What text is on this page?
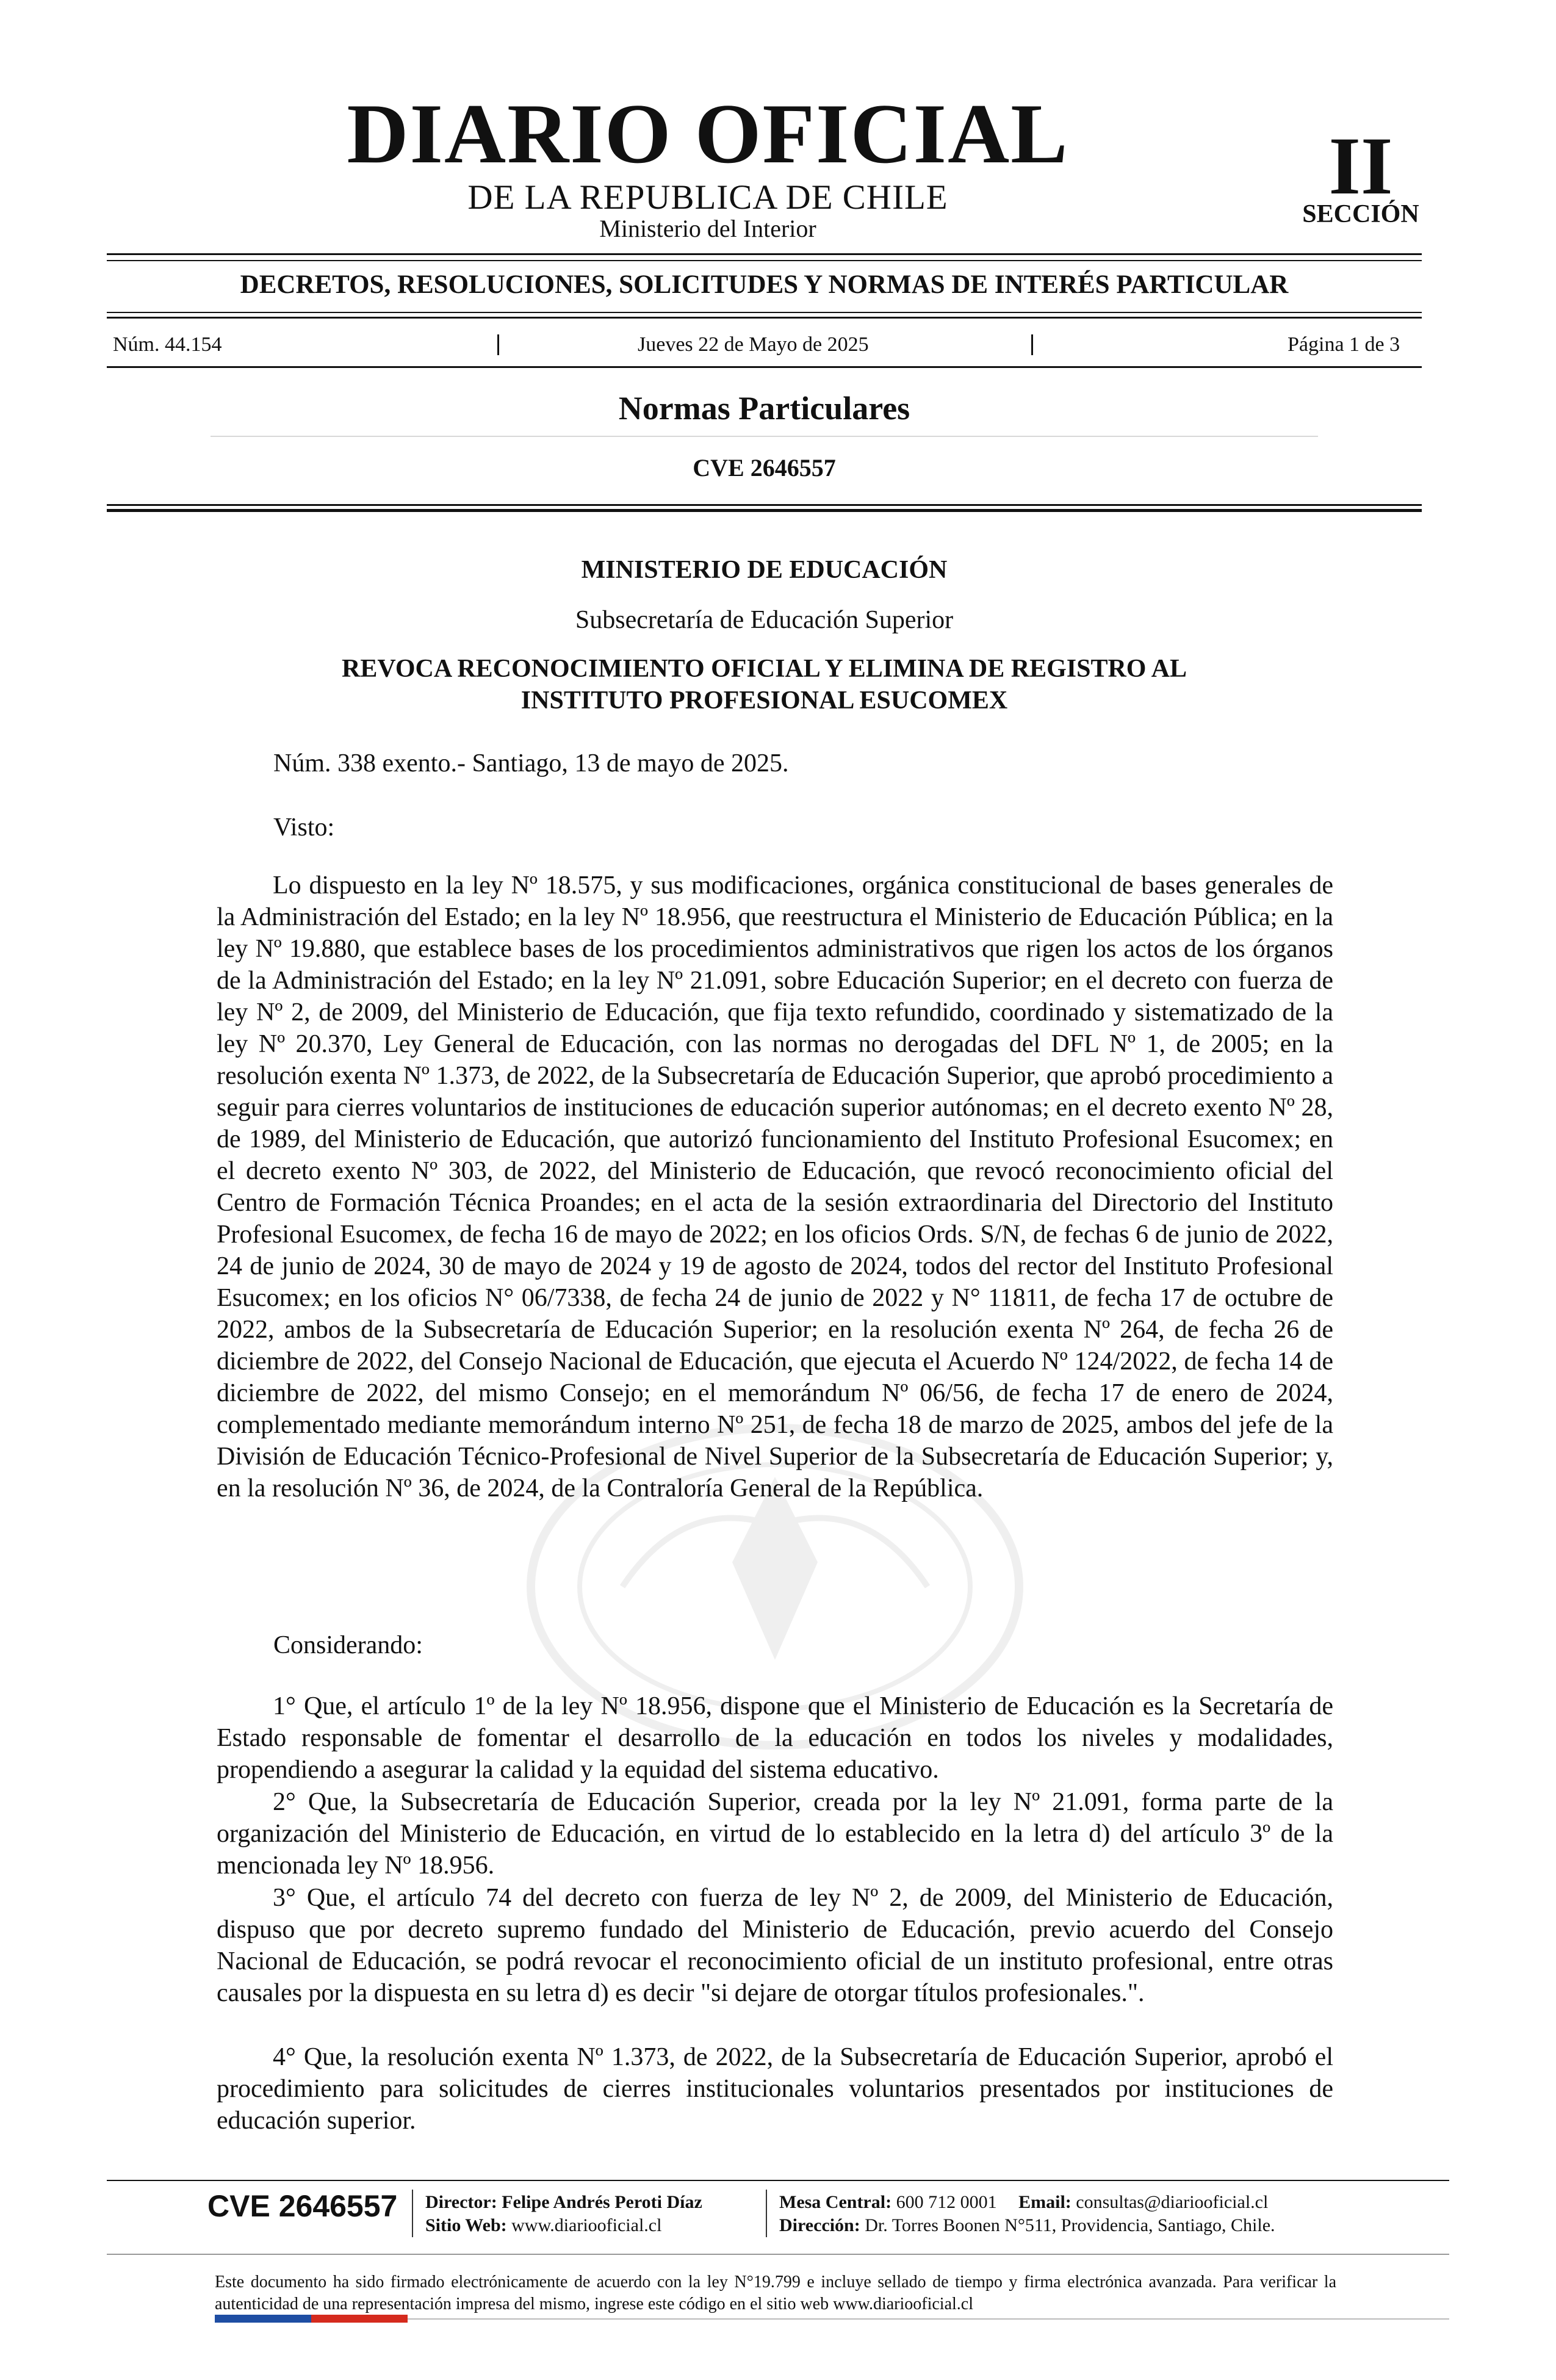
DIARIO OFICIAL
DE LA REPUBLICA DE CHILE
Ministerio del Interior
II
SECCIÓN
DECRETOS, RESOLUCIONES, SOLICITUDES Y NORMAS DE INTERÉS PARTICULAR
Núm. 44.154	Jueves 22 de Mayo de 2025	Página 1 de 3
Normas Particulares
CVE 2646557
MINISTERIO DE EDUCACIÓN
Subsecretaría de Educación Superior
REVOCA RECONOCIMIENTO OFICIAL Y ELIMINA DE REGISTRO AL
INSTITUTO PROFESIONAL ESUCOMEX
Núm. 338 exento.- Santiago, 13 de mayo de 2025.
Visto:
Lo dispuesto en la ley Nº 18.575, y sus modificaciones, orgánica constitucional de bases generales de la Administración del Estado; en la ley Nº 18.956, que reestructura el Ministerio de Educación Pública; en la ley Nº 19.880, que establece bases de los procedimientos administrativos que rigen los actos de los órganos de la Administración del Estado; en la ley Nº 21.091, sobre Educación Superior; en el decreto con fuerza de ley Nº 2, de 2009, del Ministerio de Educación, que fija texto refundido, coordinado y sistematizado de la ley Nº 20.370, Ley General de Educación, con las normas no derogadas del DFL Nº 1, de 2005; en la resolución exenta Nº 1.373, de 2022, de la Subsecretaría de Educación Superior, que aprobó procedimiento a seguir para cierres voluntarios de instituciones de educación superior autónomas; en el decreto exento Nº 28, de 1989, del Ministerio de Educación, que autorizó funcionamiento del Instituto Profesional Esucomex; en el decreto exento Nº 303, de 2022, del Ministerio de Educación, que revocó reconocimiento oficial del Centro de Formación Técnica Proandes; en el acta de la sesión extraordinaria del Directorio del Instituto Profesional Esucomex, de fecha 16 de mayo de 2022; en los oficios Ords. S/N, de fechas 6 de junio de 2022, 24 de junio de 2024, 30 de mayo de 2024 y 19 de agosto de 2024, todos del rector del Instituto Profesional Esucomex; en los oficios N° 06/7338, de fecha 24 de junio de 2022 y N° 11811, de fecha 17 de octubre de 2022, ambos de la Subsecretaría de Educación Superior; en la resolución exenta Nº 264, de fecha 26 de diciembre de 2022, del Consejo Nacional de Educación, que ejecuta el Acuerdo Nº 124/2022, de fecha 14 de diciembre de 2022, del mismo Consejo; en el memorándum Nº 06/56, de fecha 17 de enero de 2024, complementado mediante memorándum interno Nº 251, de fecha 18 de marzo de 2025, ambos del jefe de la División de Educación Técnico-Profesional de Nivel Superior de la Subsecretaría de Educación Superior; y, en la resolución Nº 36, de 2024, de la Contraloría General de la República.
Considerando:
1° Que, el artículo 1º de la ley Nº 18.956, dispone que el Ministerio de Educación es la Secretaría de Estado responsable de fomentar el desarrollo de la educación en todos los niveles y modalidades, propendiendo a asegurar la calidad y la equidad del sistema educativo.
2° Que, la Subsecretaría de Educación Superior, creada por la ley Nº 21.091, forma parte de la organización del Ministerio de Educación, en virtud de lo establecido en la letra d) del artículo 3º de la mencionada ley Nº 18.956.
3° Que, el artículo 74 del decreto con fuerza de ley Nº 2, de 2009, del Ministerio de Educación, dispuso que por decreto supremo fundado del Ministerio de Educación, previo acuerdo del Consejo Nacional de Educación, se podrá revocar el reconocimiento oficial de un instituto profesional, entre otras causales por la dispuesta en su letra d) es decir "si dejare de otorgar títulos profesionales.".
4° Que, la resolución exenta Nº 1.373, de 2022, de la Subsecretaría de Educación Superior, aprobó el procedimiento para solicitudes de cierres institucionales voluntarios presentados por instituciones de educación superior.
CVE 2646557 Director: Felipe Andrés Peroti Díaz
Sitio Web: www.diariooficial.cl
Mesa Central: 600 712 0001 Email: consultas@diariooficial.cl
Dirección: Dr. Torres Boonen N°511, Providencia, Santiago, Chile.
Este documento ha sido firmado electrónicamente de acuerdo con la ley N°19.799 e incluye sellado de tiempo y firma electrónica avanzada. Para verificar la autenticidad de una representación impresa del mismo, ingrese este código en el sitio web www.diariooficial.cl
